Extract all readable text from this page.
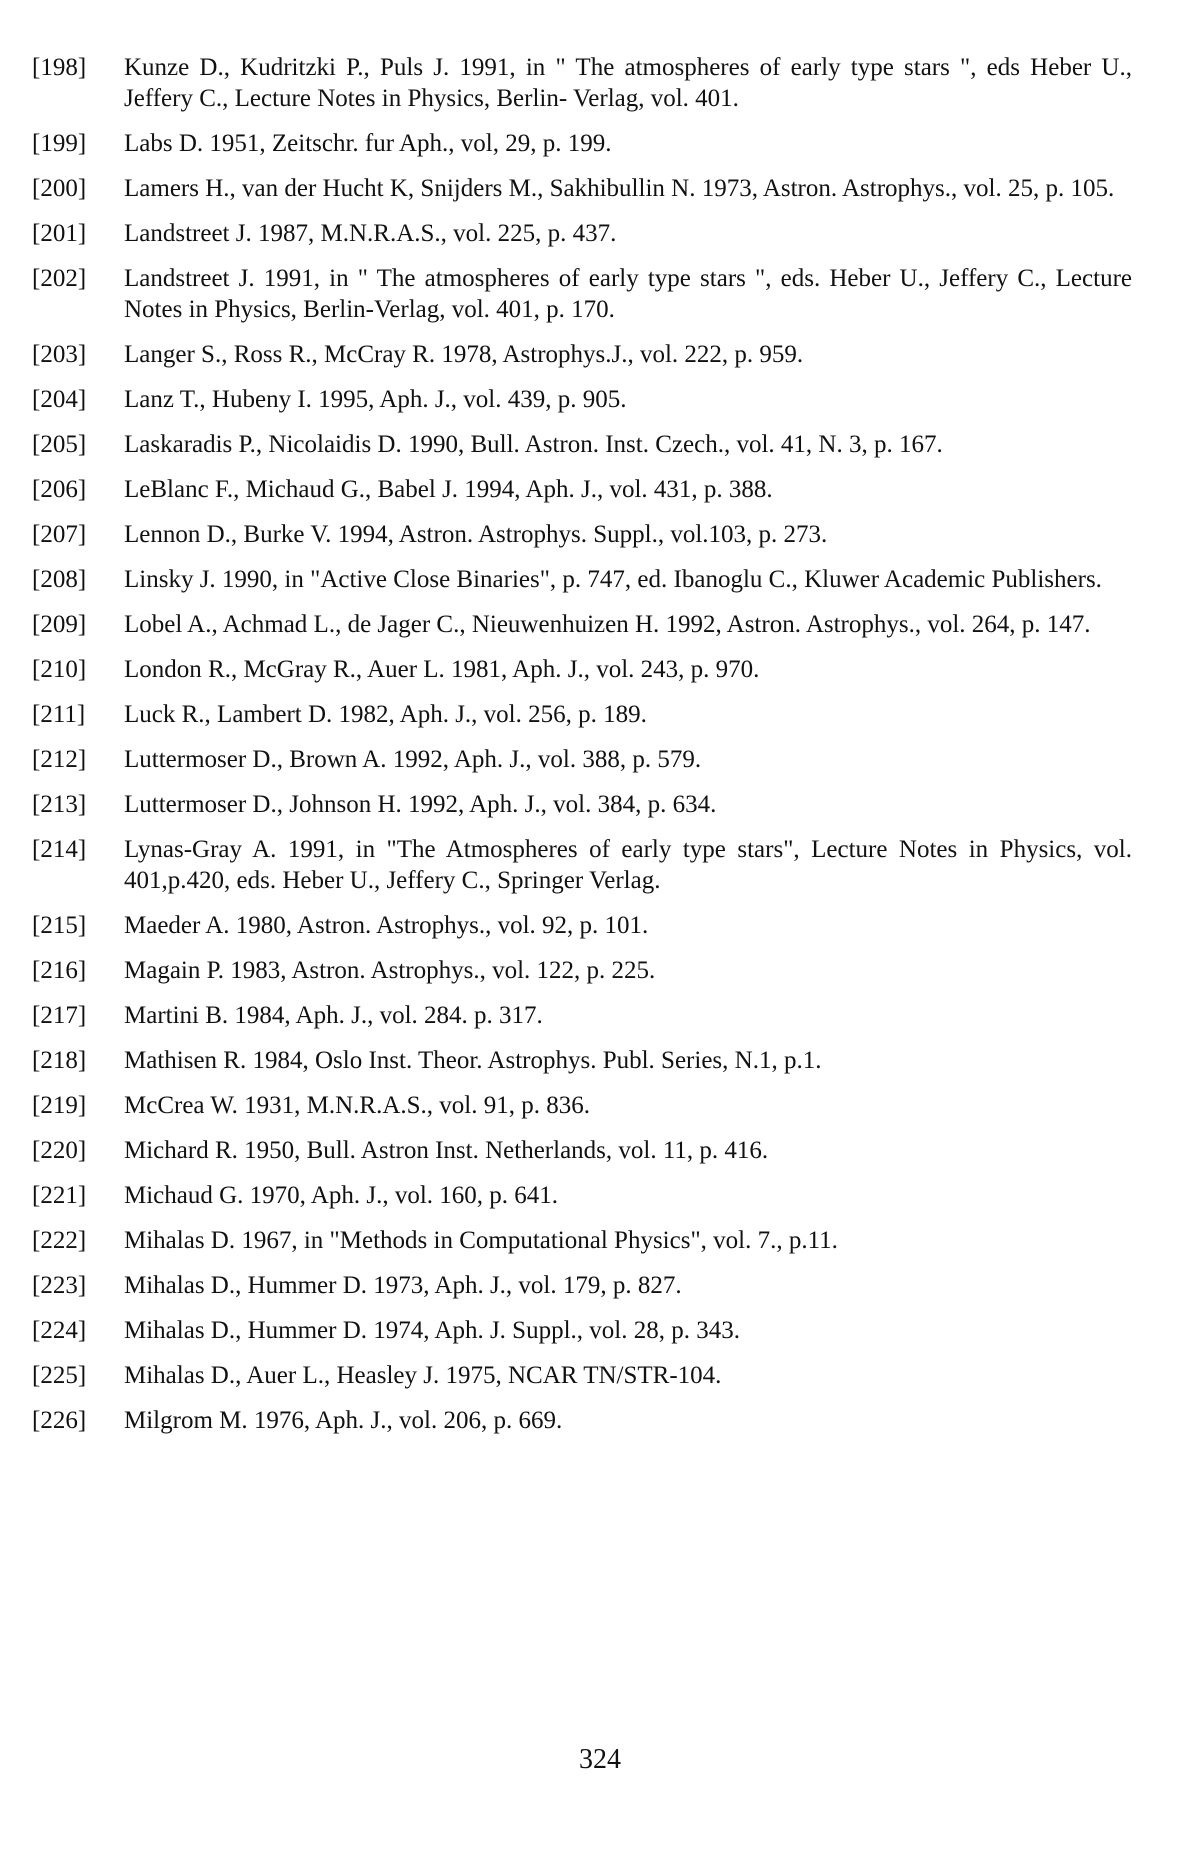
[198]	Kunze D., Kudritzki P., Puls J. 1991, in " The atmospheres of early type stars ", eds Heber U., Jeffery C., Lecture Notes in Physics, Berlin- Verlag, vol. 401.
[199]	Labs D. 1951, Zeitschr. fur Aph., vol, 29, p. 199.
[200]	Lamers H., van der Hucht K, Snijders M., Sakhibullin N. 1973, Astron. Astrophys., vol. 25, p. 105.
[201]	Landstreet J. 1987, M.N.R.A.S., vol. 225, p. 437.
[202]	Landstreet J. 1991, in " The atmospheres of early type stars ", eds. Heber U., Jeffery C., Lecture Notes in Physics, Berlin-Verlag, vol. 401, p. 170.
[203]	Langer S., Ross R., McCray R. 1978, Astrophys.J., vol. 222, p. 959.
[204]	Lanz T., Hubeny I. 1995, Aph. J., vol. 439, p. 905.
[205]	Laskaradis P., Nicolaidis D. 1990, Bull. Astron. Inst. Czech., vol. 41, N. 3, p. 167.
[206]	LeBlanc F., Michaud G., Babel J. 1994, Aph. J., vol. 431, p. 388.
[207]	Lennon D., Burke V. 1994, Astron. Astrophys. Suppl., vol.103, p. 273.
[208]	Linsky J. 1990, in "Active Close Binaries", p. 747, ed. Ibanoglu C., Kluwer Academic Publishers.
[209]	Lobel A., Achmad L., de Jager C., Nieuwenhuizen H. 1992, Astron. Astrophys., vol. 264, p. 147.
[210]	London R., McGray R., Auer L. 1981, Aph. J., vol. 243, p. 970.
[211]	Luck R., Lambert D. 1982, Aph. J., vol. 256, p. 189.
[212]	Luttermoser D., Brown A. 1992, Aph. J., vol. 388, p. 579.
[213]	Luttermoser D., Johnson H. 1992, Aph. J., vol. 384, p. 634.
[214]	Lynas-Gray A. 1991, in "The Atmospheres of early type stars", Lecture Notes in Physics, vol. 401,p.420, eds. Heber U., Jeffery C., Springer Verlag.
[215]	Maeder A. 1980, Astron. Astrophys., vol. 92, p. 101.
[216]	Magain P. 1983, Astron. Astrophys., vol. 122, p. 225.
[217]	Martini B. 1984, Aph. J., vol. 284. p. 317.
[218]	Mathisen R. 1984, Oslo Inst. Theor. Astrophys. Publ. Series, N.1, p.1.
[219]	McCrea W. 1931, M.N.R.A.S., vol. 91, p. 836.
[220]	Michard R. 1950, Bull. Astron Inst. Netherlands, vol. 11, p. 416.
[221]	Michaud G. 1970, Aph. J., vol. 160, p. 641.
[222]	Mihalas D. 1967, in "Methods in Computational Physics", vol. 7., p.11.
[223]	Mihalas D., Hummer D. 1973, Aph. J., vol. 179, p. 827.
[224]	Mihalas D., Hummer D. 1974, Aph. J. Suppl., vol. 28, p. 343.
[225]	Mihalas D., Auer L., Heasley J. 1975, NCAR TN/STR-104.
[226]	Milgrom M. 1976, Aph. J., vol. 206, p. 669.
324
